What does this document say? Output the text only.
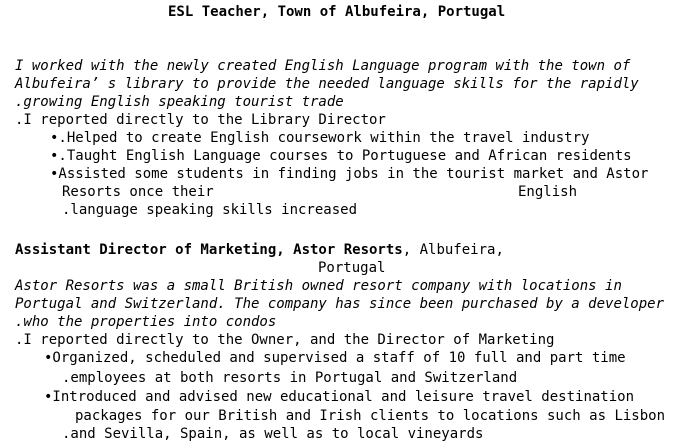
ESL Teacher, Town of Albufeira, Portugal
I worked with the newly created English Language program with the town of
Albufeira’ s library to provide the needed language skills for the rapidly
.growing English speaking tourist trade
.I reported directly to the Library Director
•.Helped to create English coursework within the travel industry
•.Taught English Language courses to Portuguese and African residents
•Assisted some students in finding jobs in the tourist market and Astor
Resorts once their	English
.language speaking skills increased
Assistant Director of Marketing, Astor Resorts, Albufeira,
Portugal
Astor Resorts was a small British owned resort company with locations in
Portugal and Switzerland. The company has since been purchased by a developer
.who the properties into condos
.I reported directly to the Owner, and the Director of Marketing
•Organized, scheduled and supervised a staff of 10 full and part time
.employees at both resorts in Portugal and Switzerland
•Introduced and advised new educational and leisure travel destination
packages for our British and Irish clients to locations such as Lisbon
.and Sevilla, Spain, as well as to local vineyards
